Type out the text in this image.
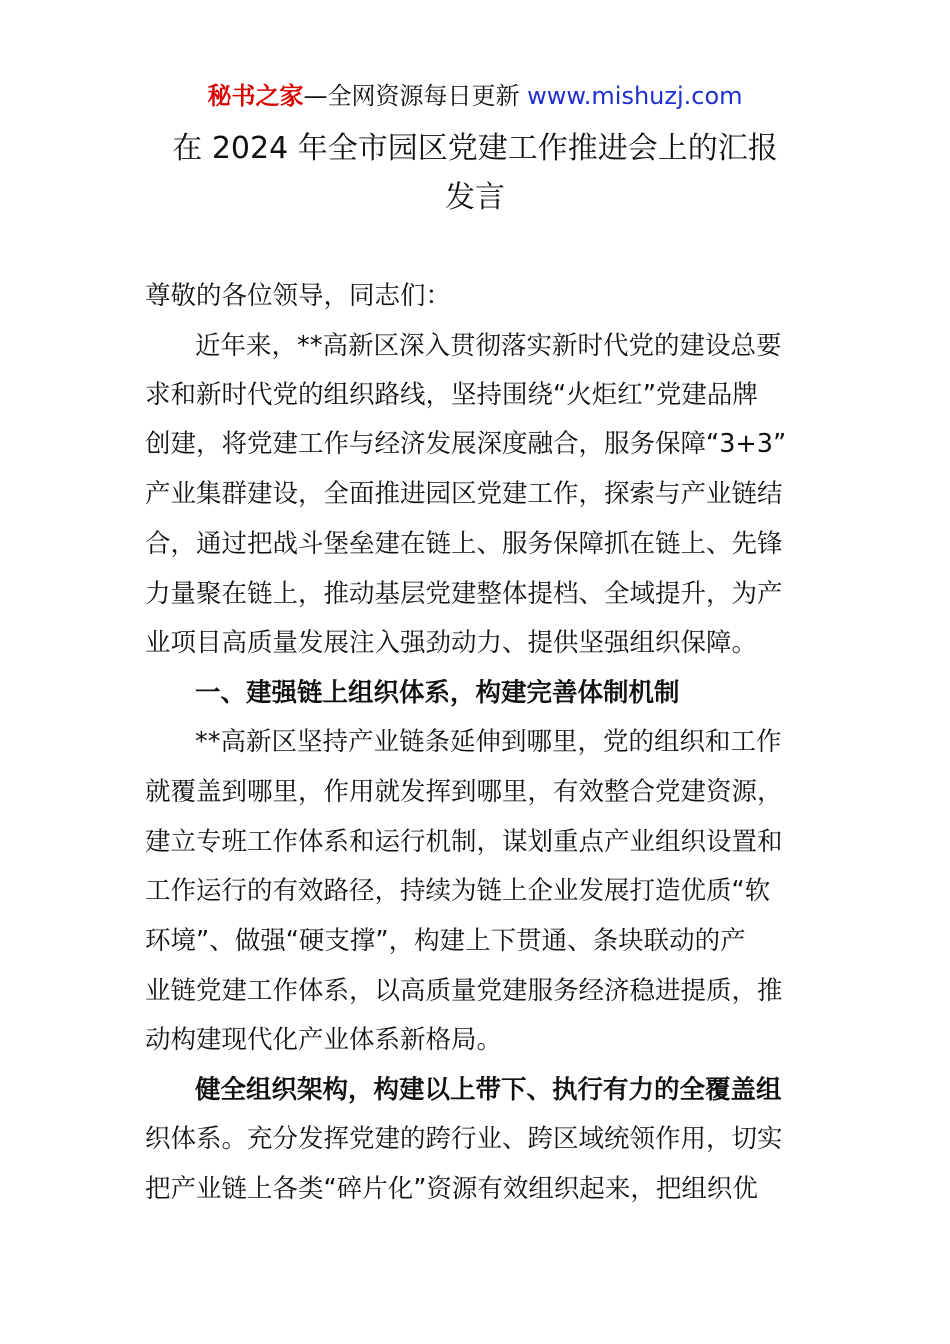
秘书之家—全网资源每日更新 www.mishuzj.com
在 2024 年全市园区党建工作推进会上的汇报
发言
尊敬的各位领导，同志们：
近年来，**高新区深入贯彻落实新时代党的建设总要
求和新时代党的组织路线，坚持围绕“火炬红”党建品牌
创建，将党建工作与经济发展深度融合，服务保障“3+3”
产业集群建设，全面推进园区党建工作，探索与产业链结
合，通过把战斗堡垒建在链上、服务保障抓在链上、先锋
力量聚在链上，推动基层党建整体提档、全域提升，为产
业项目高质量发展注入强劲动力、提供坚强组织保障。
一、建强链上组织体系，构建完善体制机制
**高新区坚持产业链条延伸到哪里，党的组织和工作
就覆盖到哪里，作用就发挥到哪里，有效整合党建资源，
建立专班工作体系和运行机制，谋划重点产业组织设置和
工作运行的有效路径，持续为链上企业发展打造优质“软
环境”、做强“硬支撑”，构建上下贯通、条块联动的产
业链党建工作体系，以高质量党建服务经济稳进提质，推
动构建现代化产业体系新格局。
健全组织架构，构建以上带下、执行有力的全覆盖组
织体系。充分发挥党建的跨行业、跨区域统领作用，切实
把产业链上各类“碎片化”资源有效组织起来，把组织优
